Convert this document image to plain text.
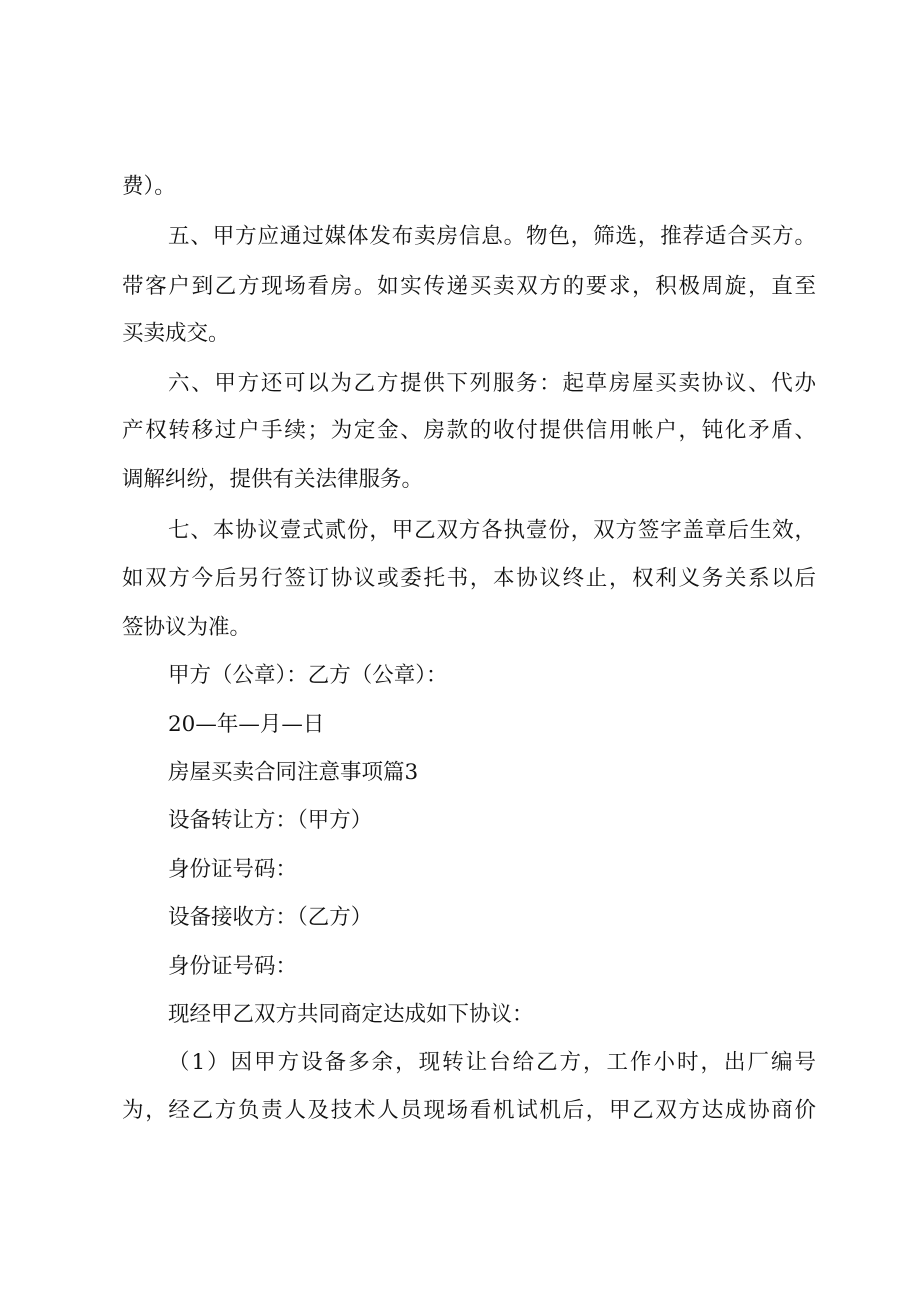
费）。
五、甲方应通过媒体发布卖房信息。物色，筛选，推荐适合买方。
带客户到乙方现场看房。如实传递买卖双方的要求，积极周旋，直至
买卖成交。
六、甲方还可以为乙方提供下列服务：起草房屋买卖协议、代办
产权转移过户手续；为定金、房款的收付提供信用帐户，钝化矛盾、
调解纠纷，提供有关法律服务。
七、本协议壹式贰份，甲乙双方各执壹份，双方签字盖章后生效，
如双方今后另行签订协议或委托书，本协议终止，权利义务关系以后
签协议为准。
甲方（公章）：乙方（公章）：
20—年—月—日
房屋买卖合同注意事项篇3
设备转让方：（甲方）
身份证号码：
设备接收方：（乙方）
身份证号码：
现经甲乙双方共同商定达成如下协议：
（1）因甲方设备多余，现转让台给乙方，工作小时，出厂编号
为，经乙方负责人及技术人员现场看机试机后，甲乙双方达成协商价
